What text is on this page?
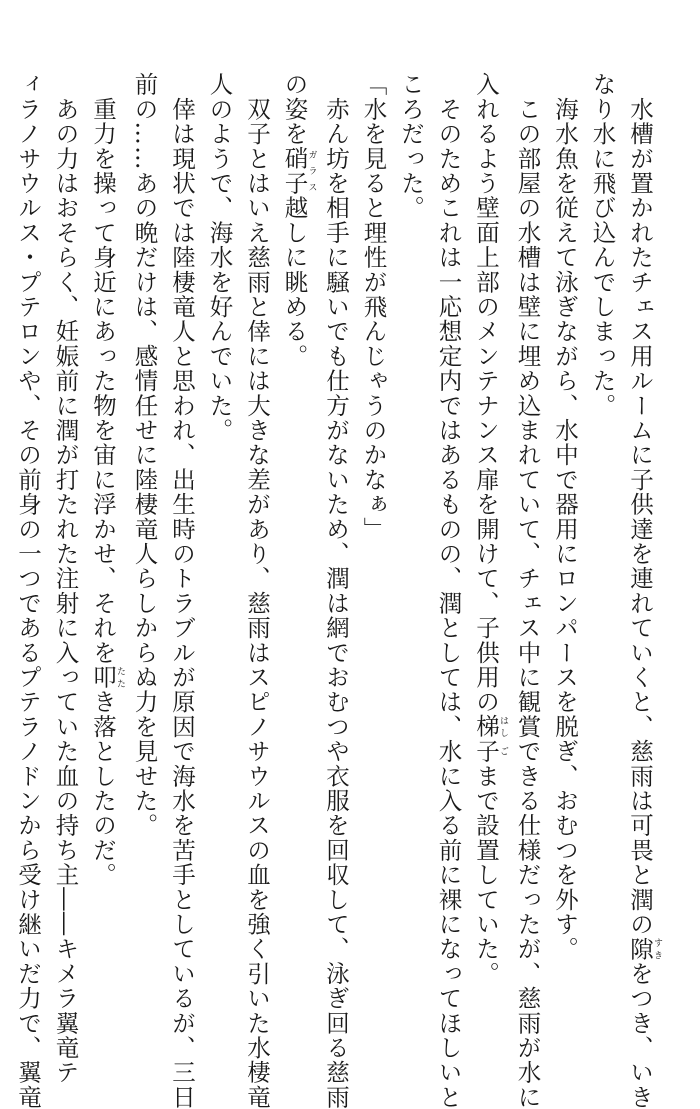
　水槽が置かれたチェス用ルームに子供達を連れていくと、慈雨は可畏と潤の隙すきをつき、いき
なり水に飛び込んでしまった。
　海水魚を従えて泳ぎながら、水中で器用にロンパースを脱ぎ、おむつを外す。
　この部屋の水槽は壁に埋め込まれていて、チェス中に観賞できる仕様だったが、慈雨が水に
入れるよう壁面上部のメンテナンス扉を開けて、子供用の梯はし子ごまで設置していた。
　そのためこれは一応想定内ではあるものの、潤としては、水に入る前に裸になってほしいと
ころだった。
「水を見ると理性が飛んじゃうのかなぁ」
　赤ん坊を相手に騒いでも仕方がないため、潤は網でおむつや衣服を回収して、泳ぎ回る慈雨
の姿を硝子ガラス越しに眺める。
　双子とはいえ慈雨と倖には大きな差があり、慈雨はスピノサウルスの血を強く引いた水棲竜
人のようで、海水を好んでいた。
　倖は現状では陸棲竜人と思われ、出生時のトラブルが原因で海水を苦手としているが、三日
前の……あの晩だけは、感情任せに陸棲竜人らしからぬ力を見せた。
　重力を操って身近にあった物を宙に浮かせ、それを叩たたき落としたのだ。
　あの力はおそらく、妊娠前に潤が打たれた注射に入っていた血の持ち主――キメラ翼竜テ
ィラノサウルス・プテロンや、その前身の一つであるプテラノドンから受け継いだ力で、翼竜
